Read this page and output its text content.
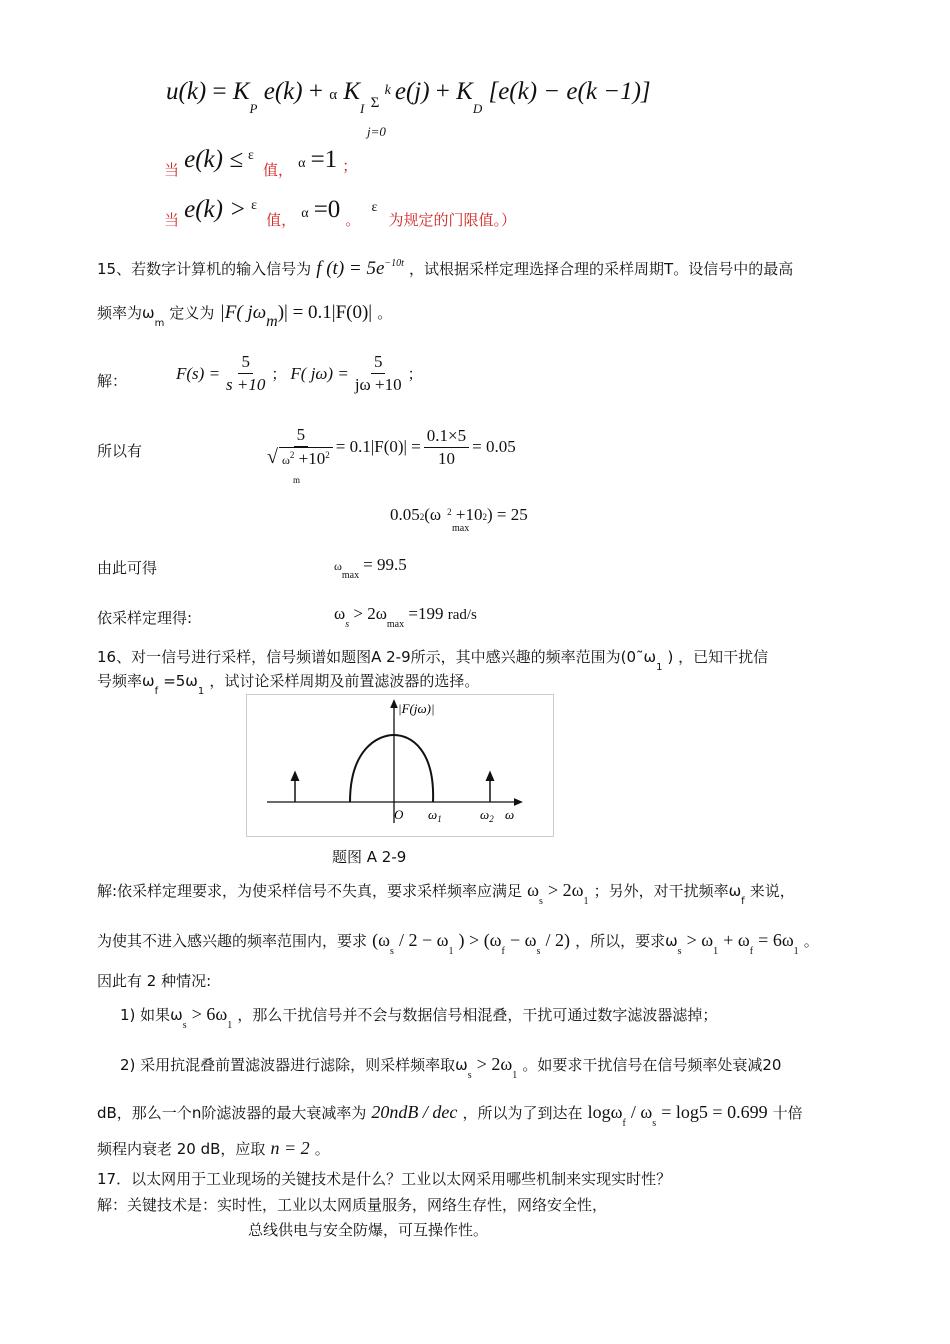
$u(k) = K_P$ e(k) + α $K_I$ Σ
k $e(j) + K_D$ [e(k) − e(k −1)]
j=0
当 e(k) ≤ ε 值， α =1 ；
当 e(k) > ε 值， α =0 。 ε 为规定的门限值。）
15、若数字计算机的输入信号为 f $(t) = 5e^{-10t}$ ，试根据采样定理选择合理的采样周期T。设信号中的最高
频率为$\omega_m$ 定义为 |F( jωm)| = 0.1|F(0)| 。
解：	$F(s) = \frac{5}{s +10}$ ； F( $j\omega) = \frac{5}{j\omega +10}$ ；
所以有	$\frac{5}{√ \omega^2 +10^2} = 0.1|F(0)| = \frac{0.1\times 5}{10} = 0.05$
m
0.052(ω $^2$ +102) = 25
max
由此可得	$\omega_{max}= 99.5$
依采样定理得:	$\omega_s > 2\omega_{max} =199$ rad/s
16、对一信号进行采样，信号频谱如题图A 2-9所示，其中感兴趣的频率范围为($0˜\omega_1$ ) ，已知干扰信
号频率$\omega_f =5\omega_1$ ，试讨论采样周期及前置滤波器的选择。
|F(jω)|
O $\omega_1$	$\omega_2$ ω
题图 A 2-9
解:依采样定理要求，为使采样信号不失真，要求采样频率应满足 $\omega_s > 2\omega_1$ ；另外，对干扰频率$\omega_f$ 来说，
为使其不进入感兴趣的频率范围内，要求 ($\omega_s / 2 - \omega_1$ ) > $(\omega_f - \omega_s / 2)$ ，所以，要求$\omega_s > \omega_1 + \omega_f = 6\omega_1$ 。
因此有 2 种情况:
1) 如果$\omega_s > 6\omega_1$ ，那么干扰信号并不会与数据信号相混叠，干扰可通过数字滤波器滤掉；
2) 采用抗混叠前置滤波器进行滤除，则采样频率取$\omega_s > 2\omega_1$ 。如要求干扰信号在信号频率处衰减20
dB，那么一个n阶滤波器的最大衰减率为 20ndB / dec ，所以为了到达在 $\log\omega_f / \omega_s = \log 5 = 0.699$ 十倍
频程内衰老 20 dB，应取 n = 2 。
17．以太网用于工业现场的关键技术是什么？工业以太网采用哪些机制来实现实时性？
解：关键技术是：实时性，工业以太网质量服务，网络生存性，网络安全性，
总线供电与安全防爆，可互操作性。
